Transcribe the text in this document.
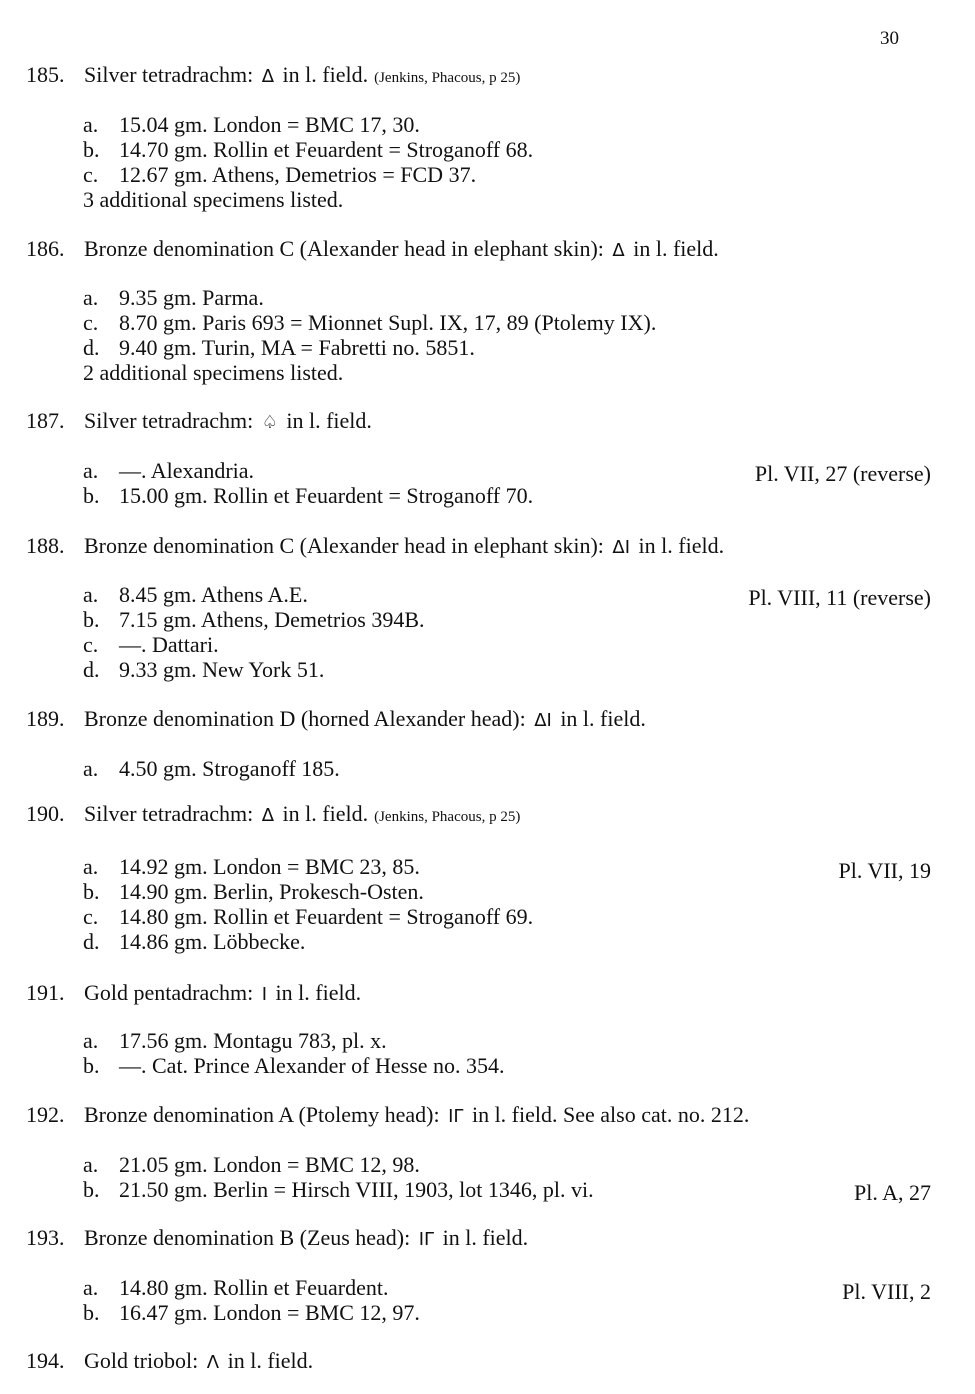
30
185. Silver tetradrachm: Δ in l. field. (Jenkins, Phacous, p 25)
a. 15.04 gm. London = BMC 17, 30.
b. 14.70 gm. Rollin et Feuardent = Stroganoff 68.
c. 12.67 gm. Athens, Demetrios = FCD 37.
3 additional specimens listed.
186. Bronze denomination C (Alexander head in elephant skin): Δ in l. field.
a. 9.35 gm. Parma.
c. 8.70 gm. Paris 693 = Mionnet Supl. IX, 17, 89 (Ptolemy IX).
d. 9.40 gm. Turin, MA = Fabretti no. 5851.
2 additional specimens listed.
187. Silver tetradrachm: ♤ in l. field.
a. —. Alexandria.
b. 15.00 gm. Rollin et Feuardent = Stroganoff 70.
Pl. VII, 27 (reverse)
188. Bronze denomination C (Alexander head in elephant skin): ΔI in l. field.
a. 8.45 gm. Athens A.E.
b. 7.15 gm. Athens, Demetrios 394B.
c. —. Dattari.
d. 9.33 gm. New York 51.
Pl. VIII, 11 (reverse)
189. Bronze denomination D (horned Alexander head): ΔI in l. field.
a. 4.50 gm. Stroganoff 185.
190. Silver tetradrachm: Δ in l. field. (Jenkins, Phacous, p 25)
a. 14.92 gm. London = BMC 23, 85.
b. 14.90 gm. Berlin, Prokesch-Osten.
c. 14.80 gm. Rollin et Feuardent = Stroganoff 69.
d. 14.86 gm. Löbbecke.
Pl. VII, 19
191. Gold pentadrachm: I in l. field.
a. 17.56 gm. Montagu 783, pl. x.
b. —. Cat. Prince Alexander of Hesse no. 354.
192. Bronze denomination A (Ptolemy head): IΓ in l. field. See also cat. no. 212.
a. 21.05 gm. London = BMC 12, 98.
b. 21.50 gm. Berlin = Hirsch VIII, 1903, lot 1346, pl. vi.	Pl. A, 27
193. Bronze denomination B (Zeus head): IΓ in l. field.
a. 14.80 gm. Rollin et Feuardent.
b. 16.47 gm. London = BMC 12, 97.
Pl. VIII, 2
194. Gold triobol: Λ in l. field.
